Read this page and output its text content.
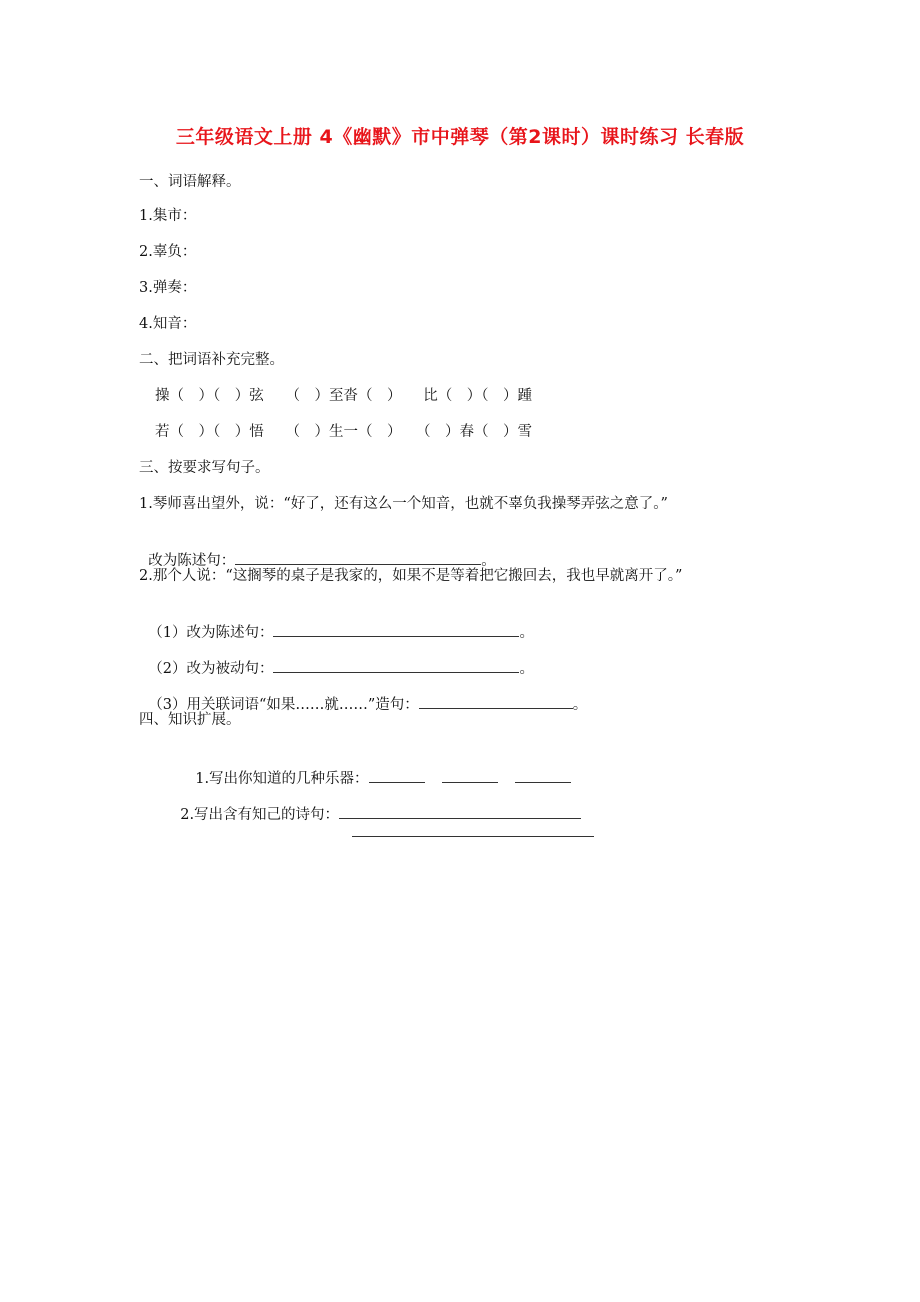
三年级语文上册 4《幽默》市中弹琴（第2课时）课时练习 长春版
一、词语解释。
1.集市：
2.辜负：
3.弹奏：
4.知音：
二、把词语补充完整。
操（　）（　）弦　　（　）至沓（　）　　比（　）（　）踵
若（　）（　）悟　　（　）生一（　）　　（　）春（　）雪
三、按要求写句子。
1.琴师喜出望外，说：“好了，还有这么一个知音，也就不辜负我操琴弄弦之意了。”

改为陈述句：	。

2.那个人说：“这搁琴的桌子是我家的，如果不是等着把它搬回去，我也早就离开了。”

（1）改为陈述句：	。

（2）改为被动句：	。

（3）用关联词语“如果……就……”造句：	。

四、知识扩展。

1.写出你知道的几种乐器：

2.写出含有知己的诗句：
